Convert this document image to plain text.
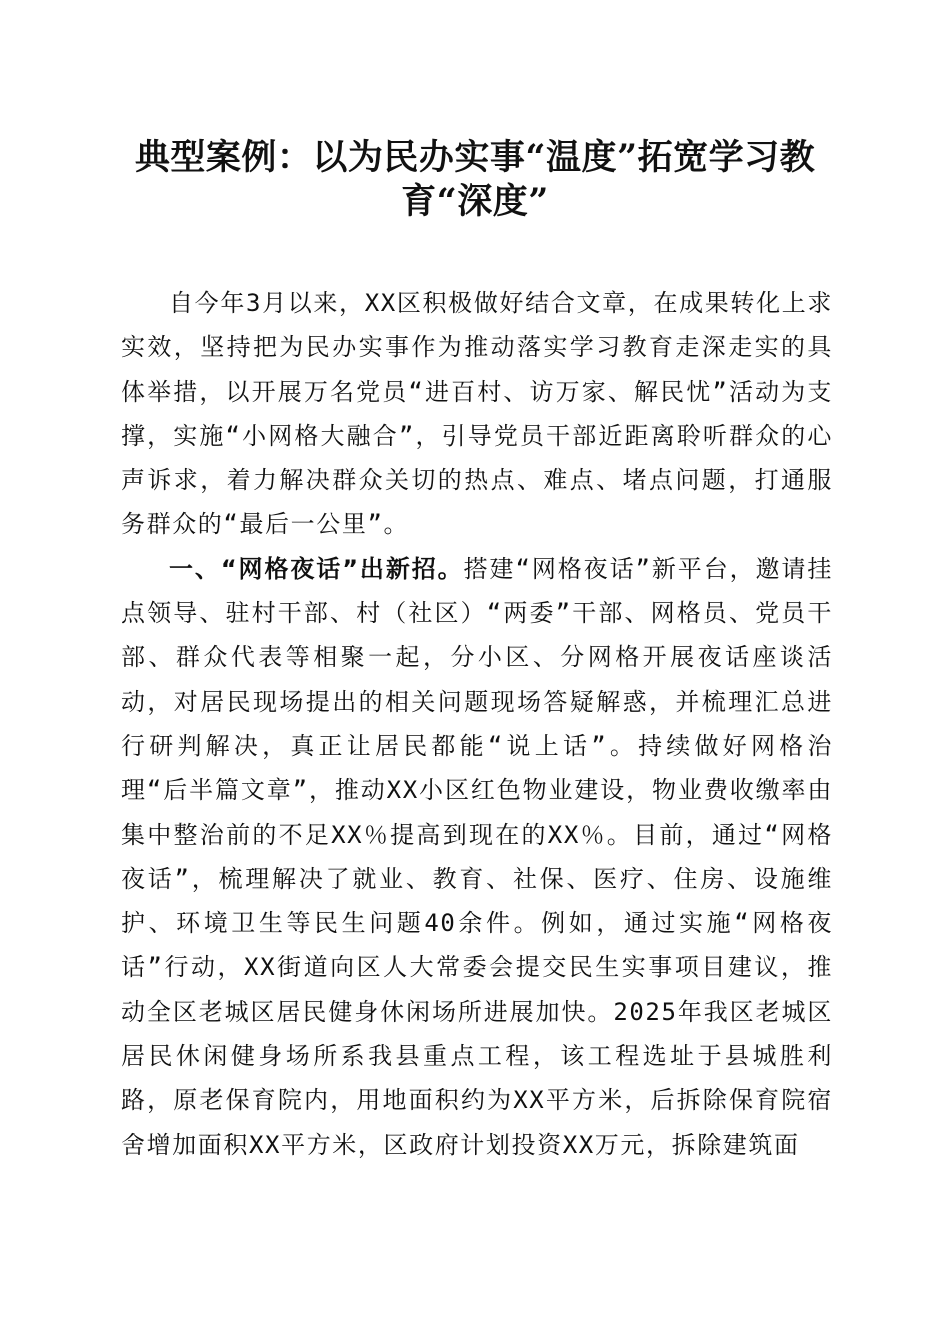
典型案例：以为民办实事“温度”拓宽学习教
育“深度”

自今年3月以来，XX区积极做好结合文章，在成果转化上求实效，坚持把为民办实事作为推动落实学习教育走深走实的具体举措，以开展万名党员“进百村、访万家、解民忧”活动为支撑，实施“小网格大融合”，引导党员干部近距离聆听群众的心声诉求，着力解决群众关切的热点、难点、堵点问题，打通服务群众的“最后一公里”。

一、“网格夜话”出新招。搭建“网格夜话”新平台，邀请挂点领导、驻村干部、村（社区）“两委”干部、网格员、党员干部、群众代表等相聚一起，分小区、分网格开展夜话座谈活动，对居民现场提出的相关问题现场答疑解惑，并梳理汇总进行研判解决，真正让居民都能“说上话”。持续做好网格治理“后半篇文章”，推动XX小区红色物业建设，物业费收缴率由集中整治前的不足XX％提高到现在的XX％。目前，通过“网格夜话”，梳理解决了就业、教育、社保、医疗、住房、设施维护、环境卫生等民生问题40余件。例如，通过实施“网格夜话”行动，XX街道向区人大常委会提交民生实事项目建议，推动全区老城区居民健身休闲场所进展加快。2025年我区老城区居民休闲健身场所系我县重点工程，该工程选址于县城胜利路，原老保育院内，用地面积约为XX平方米，后拆除保育院宿舍增加面积XX平方米，区政府计划投资XX万元，拆除建筑面
